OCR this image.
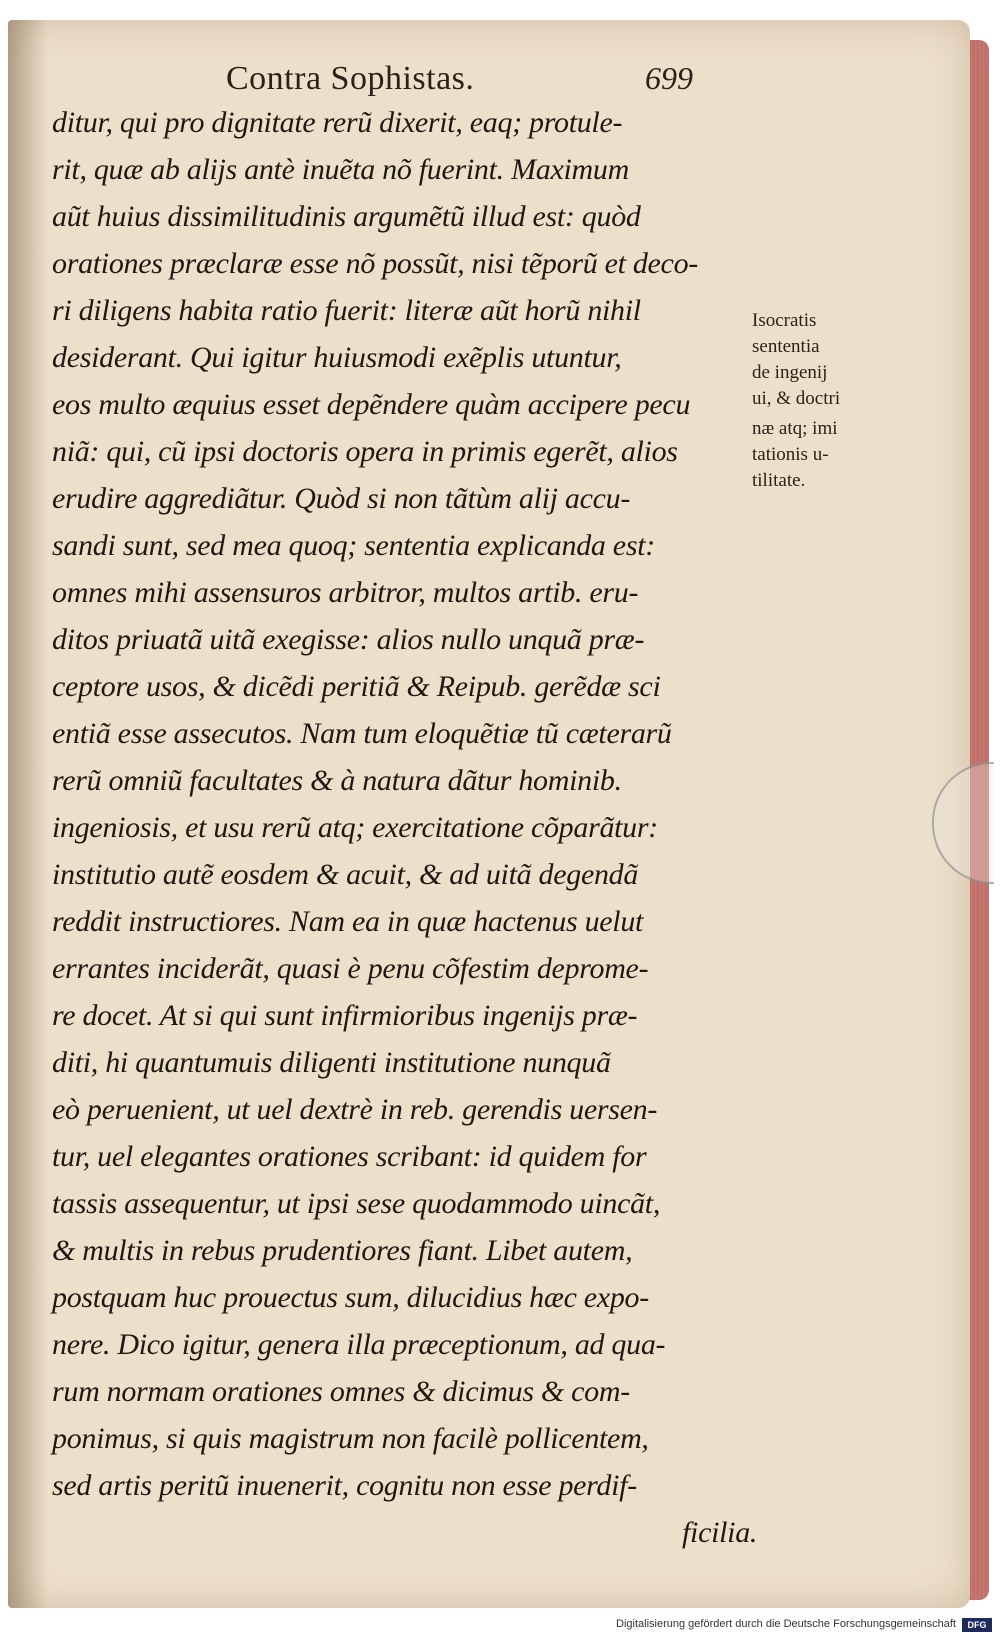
Contra Sophistas.	699
ditur, qui pro dignitate rerũ dixerit, eaq; protule-
rit, quæ ab alijs antè inuẽta nõ fuerint. Maximum
aũt huius dissimilitudinis argumẽtũ illud est: quòd
orationes præclaræ esse nõ possũt, nisi tẽporũ et deco-
ri diligens habita ratio fuerit: literæ aũt horũ nihil
desiderant. Qui igitur huiusmodi exẽplis utuntur,
eos multo æquius esset depẽndere quàm accipere pecu
niã: qui, cũ ipsi doctoris opera in primis egerẽt, alios
erudire aggrediãtur. Quòd si non tãtùm alij accu-
sandi sunt, sed mea quoq; sententia explicanda est:
omnes mihi assensuros arbitror, multos artib. eru-
ditos priuatã uitã exegisse: alios nullo unquã præ-
ceptore usos, & dicẽdi peritiã & Reipub. gerẽdæ sci
entiã esse assecutos. Nam tum eloquẽtiæ tũ cæterarũ
rerũ omniũ facultates & à natura dãtur hominib.
ingeniosis, et usu rerũ atq; exercitatione cõparãtur:
institutio autẽ eosdem & acuit, & ad uitã degendã
reddit instructiores. Nam ea in quæ hactenus uelut
errantes inciderãt, quasi è penu cõfestim deprome-
re docet. At si qui sunt infirmioribus ingenijs præ-
diti, hi quantumuis diligenti institutione nunquã
eò peruenient, ut uel dextrè in reb. gerendis uersen-
tur, uel elegantes orationes scribant: id quidem for
tassis assequentur, ut ipsi sese quodammodo uincãt,
& multis in rebus prudentiores fiant. Libet autem,
postquam huc prouectus sum, dilucidius hæc expo-
nere. Dico igitur, genera illa præceptionum, ad qua-
rum normam orationes omnes & dicimus & com-
ponimus, si quis magistrum non facilè pollicentem,
sed artis peritũ inuenerit, cognitu non esse perdif-
ficilia.
Isocratis
sententia
de ingenij
ui, & doctri
næ atq; imi
tationis u-
tilitate.
Digitalisierung gefördert durch die Deutsche Forschungsgemeinschaft	DFG
